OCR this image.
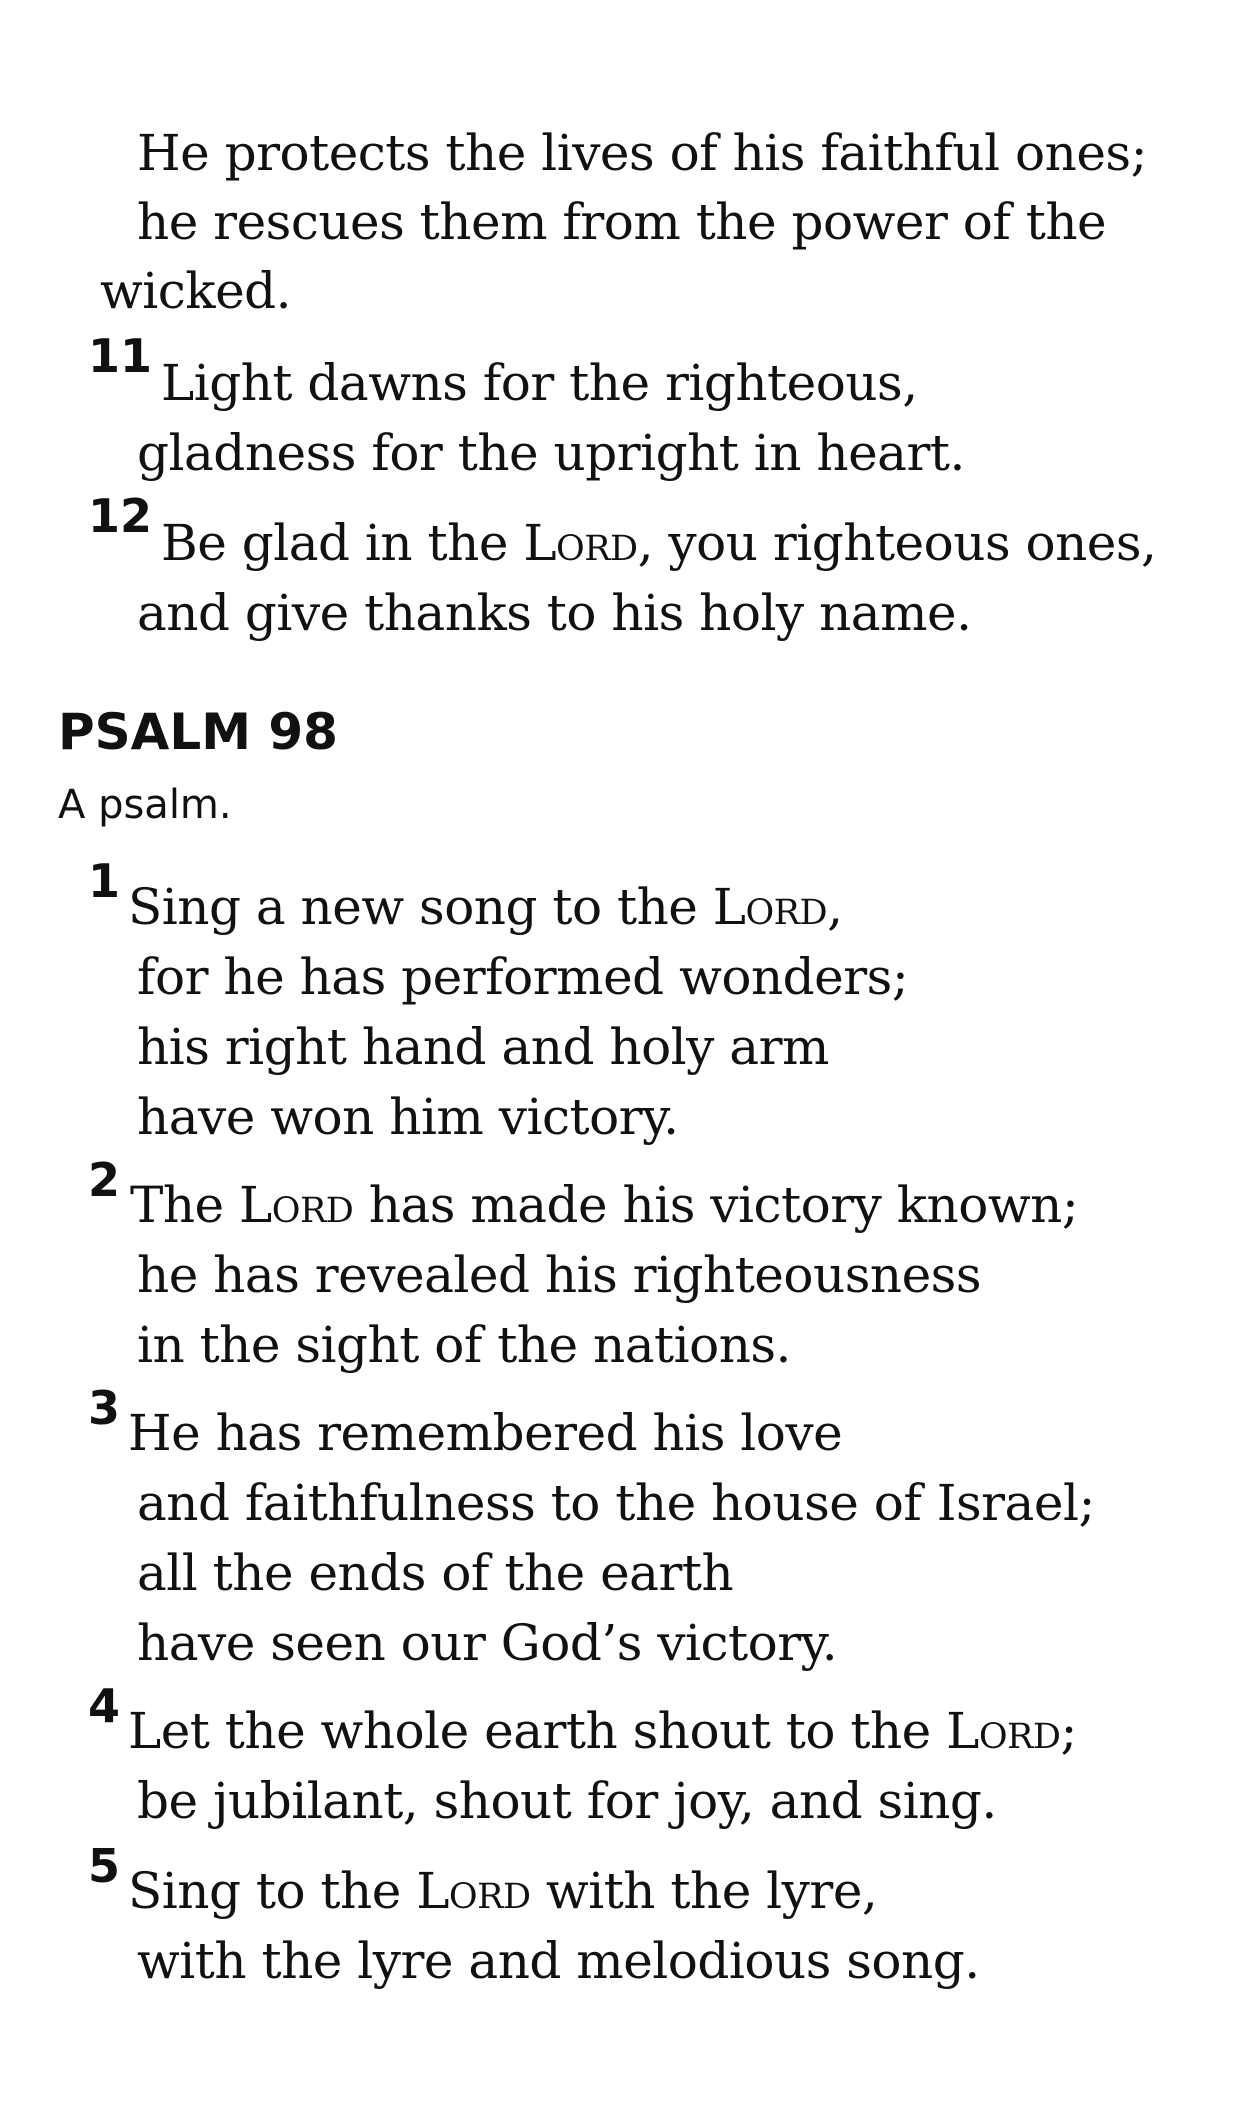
He protects the lives of his faithful ones;
he rescues them from the power of the
wicked.
11 Light dawns for the righteous,
gladness for the upright in heart.
12 Be glad in the Lord, you righteous ones,
and give thanks to his holy name.
PSALM 98
A psalm.
1 Sing a new song to the Lord,
for he has performed wonders;
his right hand and holy arm
have won him victory.
2 The Lord has made his victory known;
he has revealed his righteousness
in the sight of the nations.
3 He has remembered his love
and faithfulness to the house of Israel;
all the ends of the earth
have seen our God’s victory.
4 Let the whole earth shout to the Lord;
be jubilant, shout for joy, and sing.
5 Sing to the Lord with the lyre,
with the lyre and melodious song.
